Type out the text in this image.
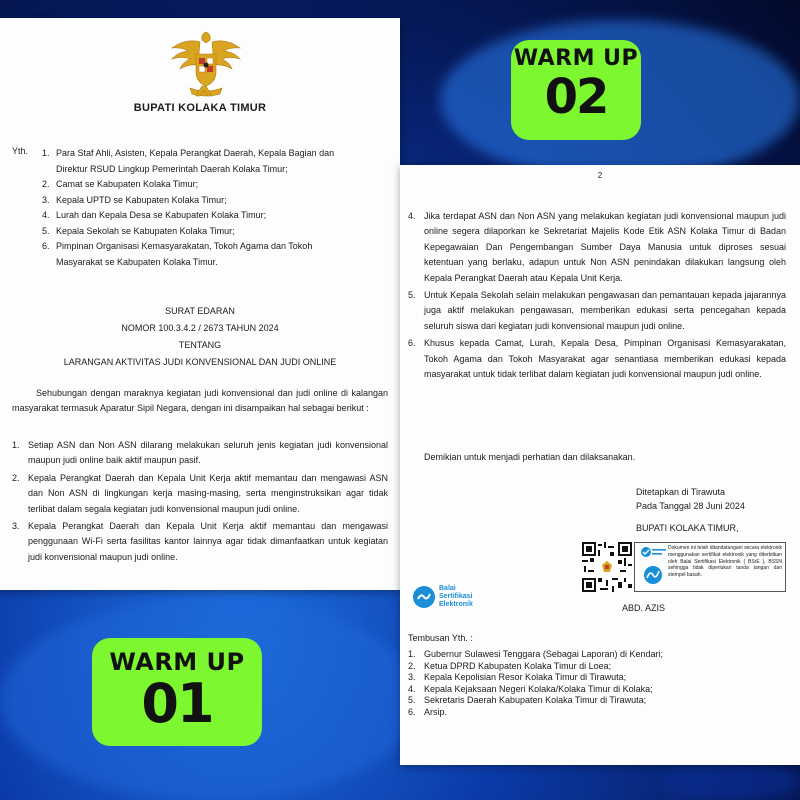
BUPATI KOLAKA TIMUR
Yth. 1. Para Staf Ahli, Asisten, Kepala Perangkat Daerah, Kepala Bagian dan Direktur RSUD Lingkup Pemerintah Daerah Kolaka Timur;
2. Camat se Kabupaten Kolaka Timur;
3. Kepala UPTD se Kabupaten Kolaka Timur;
4. Lurah dan Kepala Desa se Kabupaten Kolaka Timur;
5. Kepala Sekolah se Kabupaten Kolaka Timur;
6. Pimpinan Organisasi Kemasyarakatan, Tokoh Agama dan Tokoh Masyarakat se Kabupaten Kolaka Timur.
SURAT EDARAN
NOMOR 100.3.4.2 / 2673 TAHUN 2024
TENTANG
LARANGAN AKTIVITAS JUDI KONVENSIONAL DAN JUDI ONLINE

Sehubungan dengan maraknya kegiatan judi konvensional dan judi online di kalangan masyarakat termasuk Aparatur Sipil Negara, dengan ini disampaikan hal sebagai berikut :

1. Setiap ASN dan Non ASN dilarang melakukan seluruh jenis kegiatan judi konvensional maupun judi online baik aktif maupun pasif.
2. Kepala Perangkat Daerah dan Kepala Unit Kerja aktif memantau dan mengawasi ASN dan Non ASN di lingkungan kerja masing-masing, serta menginstruksikan agar tidak terlibat dalam segala kegiatan judi konvensional maupun judi online.
3. Kepala Perangkat Daerah dan Kepala Unit Kerja aktif memantau dan mengawasi penggunaan Wi-Fi serta fasilitas kantor lainnya agar tidak dimanfaatkan untuk kegiatan judi konvensional maupun judi online.
2
4. Jika terdapat ASN dan Non ASN yang melakukan kegiatan judi konvensional maupun judi online segera dilaporkan ke Sekretariat Majelis Kode Etik ASN Kolaka Timur di Badan Kepegawaian Dan Pengembangan Sumber Daya Manusia untuk diproses sesuai ketentuan yang berlaku, adapun untuk Non ASN penindakan dilakukan langsung oleh Kepala Perangkat Daerah atau Kepala Unit Kerja.
5. Untuk Kepala Sekolah selain melakukan pengawasan dan pemantauan kepada jajarannya juga aktif melakukan pengawasan, memberikan edukasi serta pencegahan kepada seluruh siswa dari kegiatan judi konvensional maupun judi online.
6. Khusus kepada Camat, Lurah, Kepala Desa, Pimpinan Organisasi Kemasyarakatan, Tokoh Agama dan Tokoh Masyarakat agar senantiasa memberikan edukasi kepada masyarakat untuk tidak terlibat dalam kegiatan judi konvensional maupun judi online.
Demikian untuk menjadi perhatian dan dilaksanakan.
Ditetapkan di Tirawuta
Pada Tanggal 28 Juni 2024
BUPATI KOLAKA TIMUR,

Dokumen ini telah ditandatangani secara elektronik menggunakan sertifikat elektronik yang diterbitkan oleh Balai Sertifikasi Elektronik ( BSrE ), BSSN sehingga tidak diperlukan tanda tangan dan stempel basah.

Balai Sertifikasi Elektronik	ABD. AZIS
Tembusan Yth. :
1. Gubernur Sulawesi Tenggara (Sebagai Laporan) di Kendari;
2. Ketua DPRD Kabupaten Kolaka Timur di Loea;
3. Kepala Kepolisian Resor Kolaka Timur di Tirawuta;
4. Kepala Kejaksaan Negeri Kolaka/Kolaka Timur di Kolaka;
5. Sekretaris Daerah Kabupaten Kolaka Timur di Tirawuta;
6. Arsip.
WARM UP
02
WARM UP
01
